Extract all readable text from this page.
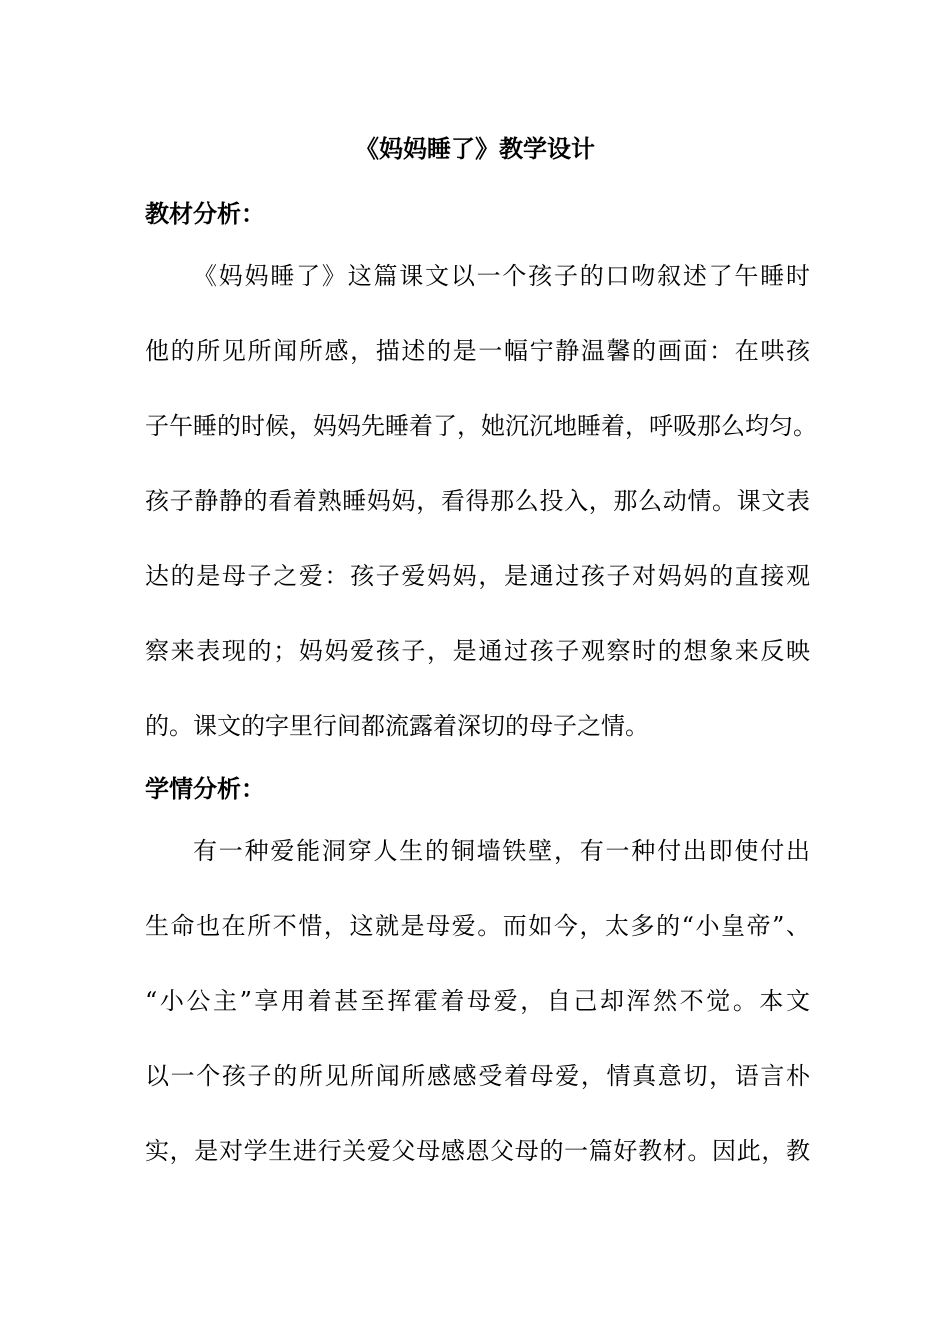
《妈妈睡了》教学设计
教材分析：

《妈妈睡了》这篇课文以一个孩子的口吻叙述了午睡时

他的所见所闻所感，描述的是一幅宁静温馨的画面：在哄孩

子午睡的时候，妈妈先睡着了，她沉沉地睡着，呼吸那么均匀。

孩子静静的看着熟睡妈妈，看得那么投入，那么动情。课文表

达的是母子之爱：孩子爱妈妈，是通过孩子对妈妈的直接观

察来表现的；妈妈爱孩子，是通过孩子观察时的想象来反映

的。课文的字里行间都流露着深切的母子之情。

学情分析：

有一种爱能洞穿人生的铜墙铁壁，有一种付出即使付出

生命也在所不惜，这就是母爱。而如今，太多的“小皇帝”、

“小公主”享用着甚至挥霍着母爱，自己却浑然不觉。本文

以一个孩子的所见所闻所感感受着母爱，情真意切，语言朴

实，是对学生进行关爱父母感恩父母的一篇好教材。因此，教
